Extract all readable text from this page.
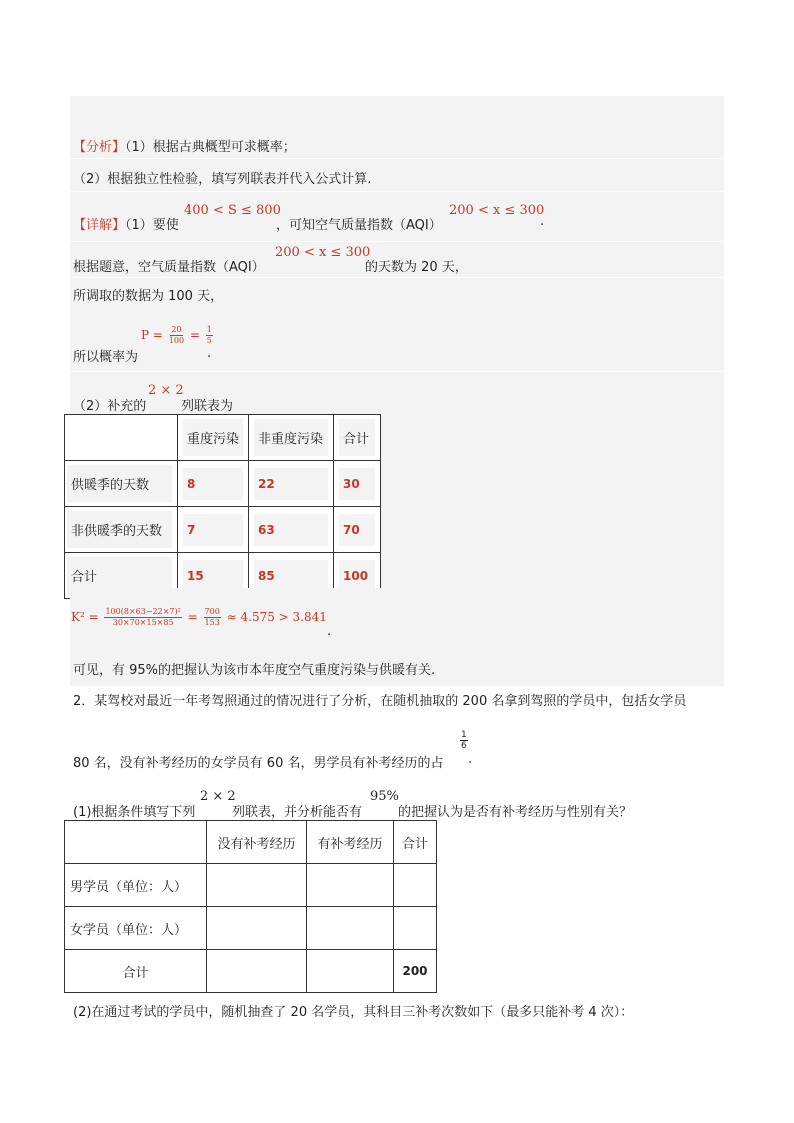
【分析】（1）根据古典概型可求概率；
（2）根据独立性检验，填写列联表并代入公式计算.
【详解】（1）要使
400 < S ≤ 800
，可知空气质量指数（AQI）
200 < x ≤ 300
.
根据题意，空气质量指数（AQI）
200 < x ≤ 300
的天数为 20 天，
所调取的数据为 100 天，
所以概率为
$P = \frac{20}{100} = \frac{1}{5}$
.
（2）补充的
2 × 2
列联表为

	重度污染	非重度污染	合计

供暖季的天数	8	22	30

非供暖季的天数	7	63	70

合计	15	85	100
$K^2 = \frac{\text{100(8×63−22×7)²}}{30\times 70\times 15\times 85} = \frac{700}{153} \approx 4.575 > 3.841$
.
可见，有 95%的把握认为该市本年度空气重度污染与供暖有关.
2．某驾校对最近一年考驾照通过的情况进行了分析，在随机抽取的 200 名拿到驾照的学员中，包括女学员
80 名，没有补考经历的女学员有 60 名，男学员有补考经历的占
$\frac{1}{6}$
.
(1)根据条件填写下列
2 × 2
列联表，并分析能否有
95%
的把握认为是否有补考经历与性别有关？
	没有补考经历	有补考经历	合计
男学员（单位：人）			
女学员（单位：人）			
合计			200
(2)在通过考试的学员中，随机抽查了 20 名学员，其科目三补考次数如下（最多只能补考 4 次）：
